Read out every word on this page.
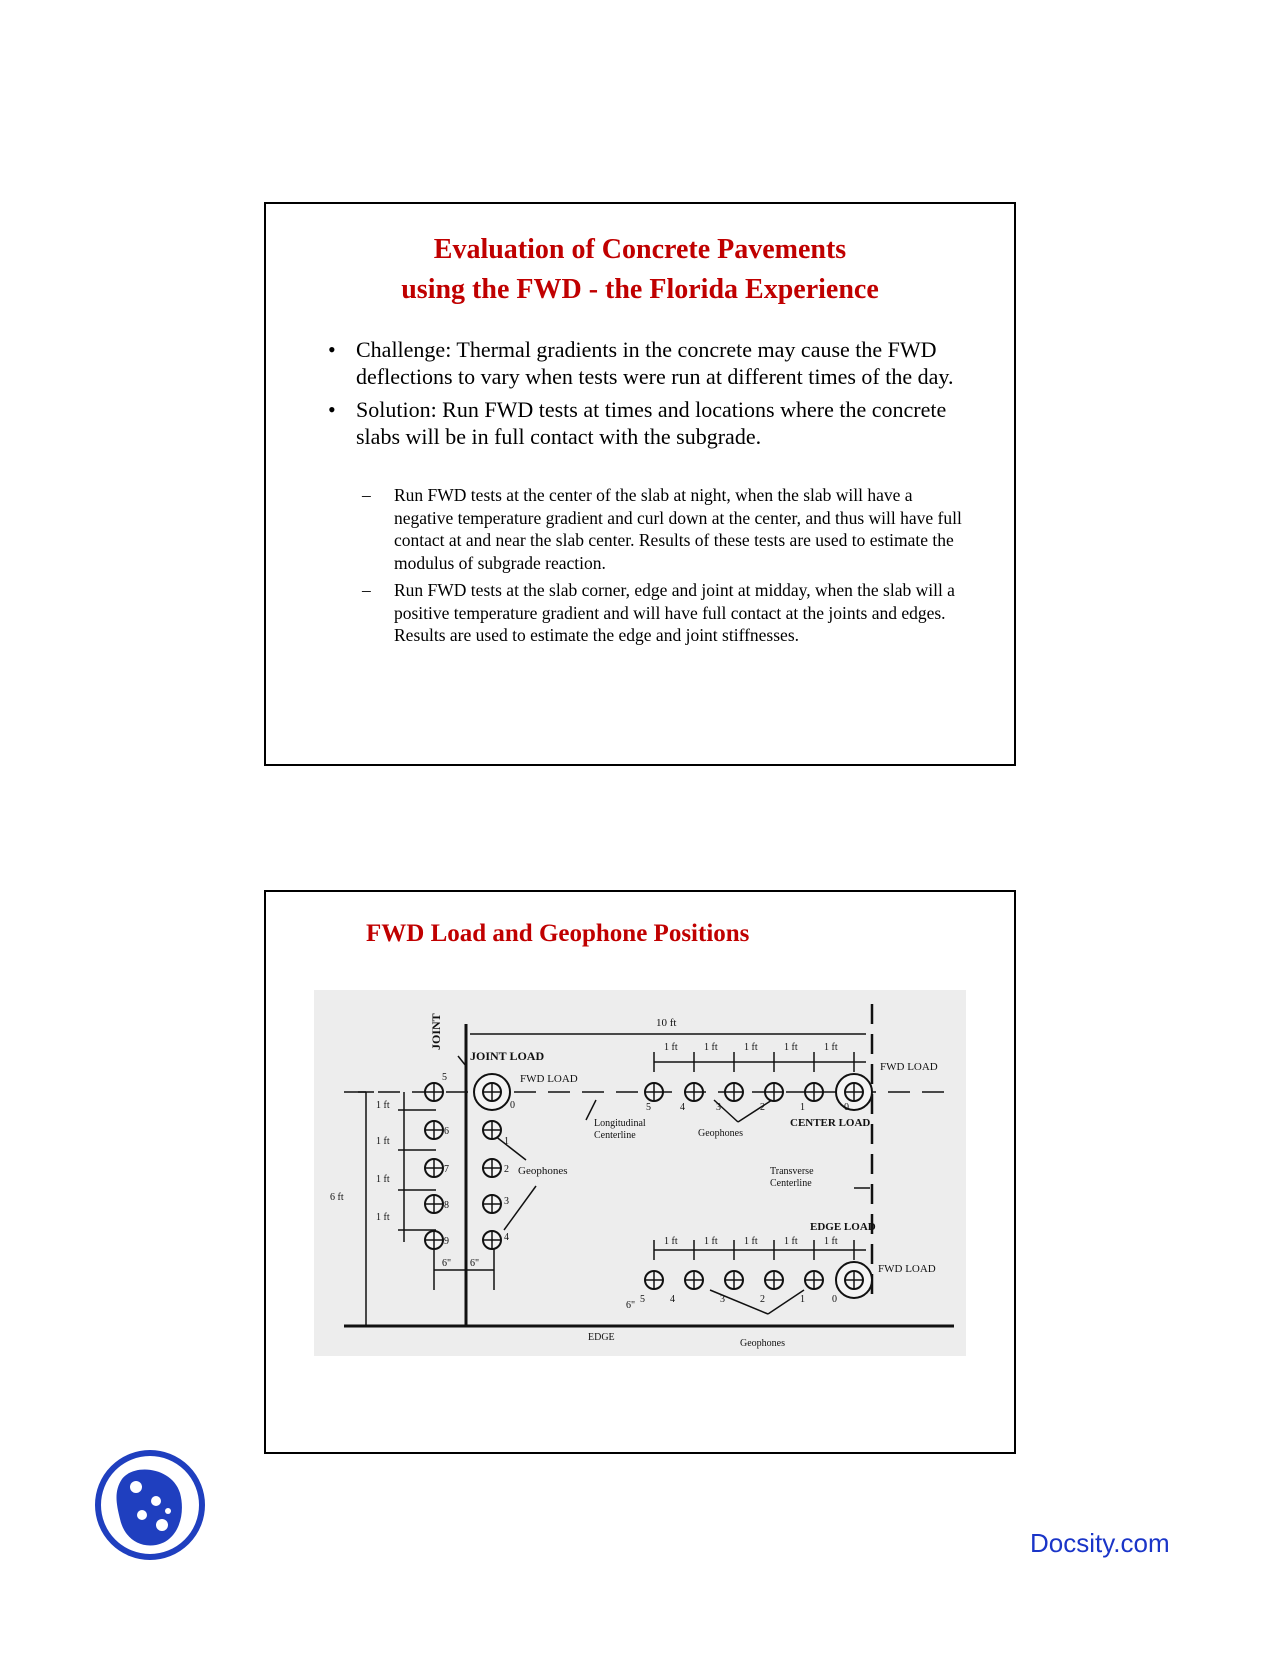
Evaluation of Concrete Pavements
using the FWD - the Florida Experience
• Challenge: Thermal gradients in the concrete may cause the FWD deflections to vary when tests were run at different times of the day.
• Solution: Run FWD tests at times and locations where the concrete slabs will be in full contact with the subgrade.
– Run FWD tests at the center of the slab at night, when the slab will have a negative temperature gradient and curl down at the center, and thus will have full contact at and near the slab center. Results of these tests are used to estimate the modulus of subgrade reaction.
– Run FWD tests at the slab corner, edge and joint at midday, when the slab will a positive temperature gradient and will have full contact at the joints and edges. Results are used to estimate the edge and joint stiffnesses.
FWD Load and Geophone Positions
JOINT
JOINT LOAD
FWD LOAD
10 ft
1 ft	1 ft	1 ft	1 ft	1 ft
FWD LOAD
6 ft
1 ft
1 ft
1 ft
1 ft
6" 6"
Geophones
Longitudinal
Centerline	Geophones
CENTER LOAD
Transverse
Centerline
EDGE LOAD
1 ft	1 ft	1 ft	1 ft	1 ft
FWD LOAD
6"
EDGE
Geophones
0
5
6
7
8
9
1
2
3
4
5	4	3	2	1	0
5	4	3	2	1	0
Docsity.com
